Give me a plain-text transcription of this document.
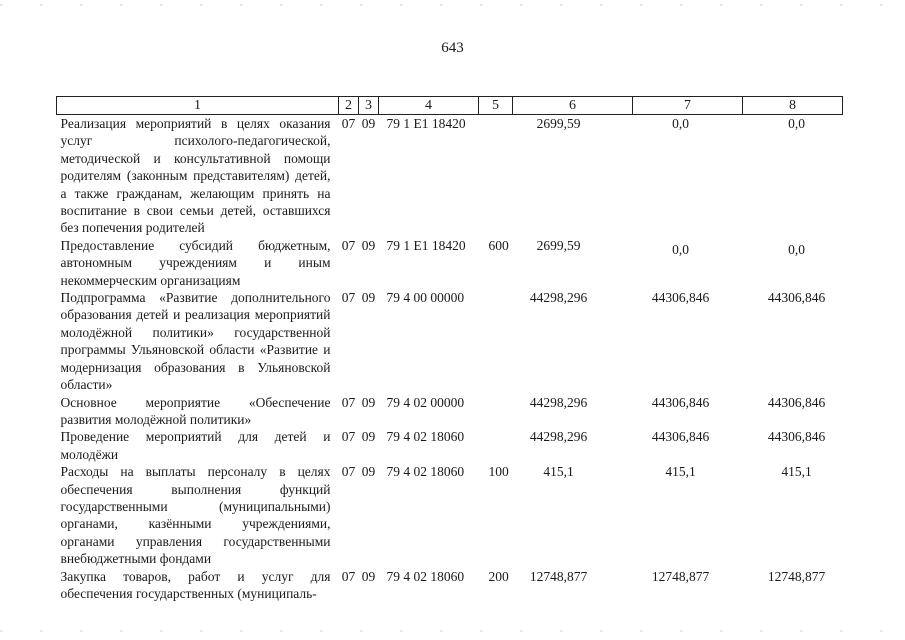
643
1	2	3	4	5	6	7	8
Реализация мероприятий в целях оказания услуг психолого-педагогической, методической и консультативной помощи родителям (законным представителям) детей, а также гражданам, желающим принять на воспитание в свои семьи детей, оставшихся без попечения родителей	07	09	79 1 E1 18420		2699,59	0,0	0,0
Предоставление субсидий бюджетным, автономным учреждениям и иным некоммерческим организациям	07	09	79 1 E1 18420	600	2699,59	0,0	0,0
Подпрограмма «Развитие дополнительного образования детей и реализация мероприятий молодёжной политики» государственной программы Ульяновской области «Развитие и модернизация образования в Ульяновской области»	07	09	79 4 00 00000		44298,296	44306,846	44306,846
Основное мероприятие «Обеспечение развития молодёжной политики»	07	09	79 4 02 00000		44298,296	44306,846	44306,846
Проведение мероприятий для детей и молодёжи	07	09	79 4 02 18060		44298,296	44306,846	44306,846
Расходы на выплаты персоналу в целях обеспечения выполнения функций государственными (муниципальными) органами, казёнными учреждениями, органами управления государственными внебюджетными фондами	07	09	79 4 02 18060	100	415,1	415,1	415,1
Закупка товаров, работ и услуг для обеспечения государственных (муниципаль-	07	09	79 4 02 18060	200	12748,877	12748,877	12748,877
